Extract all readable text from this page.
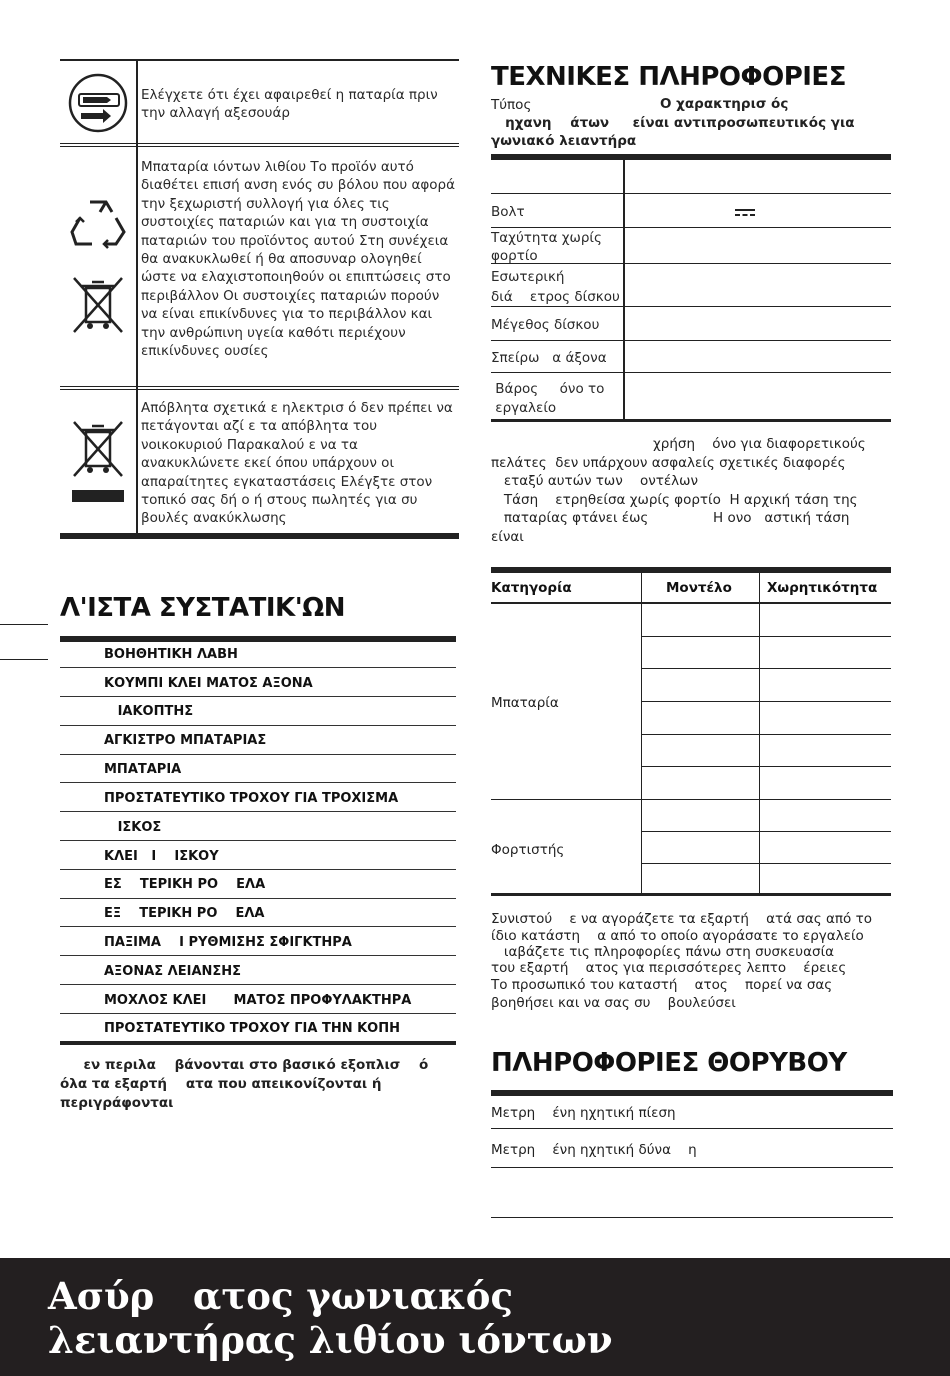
Ελέγχετε ότι έχει αφαιρεθεί η παταρία πριν την αλλαγή αξεσουάρ
Μπαταρία ιόντων λιθίου Το προϊόν αυτό διαθέτει επισή ανση ενός συ βόλου που αφορά την ξεχωριστή συλλογή για όλες τις συστοιχίες παταριών και για τη συστοιχία παταριών του προϊόντος αυτού Στη συνέχεια θα ανακυκλωθεί ή θα αποσυναρ ολογηθεί ώστε να ελαχιστοποιηθούν οι επιπτώσεις στο περιβάλλον Οι συστοιχίες παταριών πορούν να είναι επικίνδυνες για το περιβάλλον και την ανθρώπινη υγεία καθότι περιέχουν επικίνδυνες ουσίες
Απόβλητα σχετικά ε ηλεκτρισ ό δεν πρέπει να πετάγονται αζί ε τα απόβλητα του νοικοκυριού Παρακαλού ε να τα ανακυκλώνετε εκεί όπου υπάρχουν οι απαραίτητες εγκαταστάσεις Ελέγξτε στον τοπικό σας δή ο ή στους πωλητές για συ βουλές ανακύκλωσης
Λ'ΙΣΤΑ ΣΥΣΤΑΤΙΚ'ΩΝ
ΒΟΗΘΗΤΙΚΗ ΛΑΒΗ
ΚΟΥΜΠΙ ΚΛΕΙ ΜΑΤΟΣ ΑΞΟΝΑ
ΙΑΚΟΠΤΗΣ
ΑΓΚΙΣΤΡΟ ΜΠΑΤΑΡΙΑΣ
ΜΠΑΤΑΡΙΑ
ΠΡΟΣΤΑΤΕΥΤΙΚΟ ΤΡΟΧΟΥ ΓΙΑ ΤΡΟΧΙΣΜΑ
ΙΣΚΟΣ
ΚΛΕΙ   Ι    ΙΣΚΟΥ
ΕΣ    ΤΕΡΙΚΗ ΡΟ    ΕΛΑ
ΕΞ    ΤΕΡΙΚΗ ΡΟ    ΕΛΑ
ΠΑΞΙΜΑ    Ι ΡΥΘΜΙΣΗΣ ΣΦΙΓΚΤΗΡΑ
ΑΞΟΝΑΣ ΛΕΙΑΝΣΗΣ
ΜΟΧΛΟΣ ΚΛΕΙ      ΜΑΤΟΣ ΠΡΟΦΥΛΑΚΤΗΡΑ
ΠΡΟΣΤΑΤΕΥΤΙΚΟ ΤΡΟΧΟΥ ΓΙΑ ΤΗΝ ΚΟΠΗ
εν περιλα    βάνονται στο βασικό εξοπλισ    ό
όλα τα εξαρτή    ατα που απεικονίζονται ή
περιγράφονται
ΤΕΧΝΙΚΕΣ ΠΛΗΡΟΦΟΡΙΕΣ
Τύπος	Ο χαρακτηρισ ός
ηχανη    άτων     είναι αντιπροσωπευτικός για
γωνιακό λειαντήρα
Βολτ
Ταχύτητα χωρίς
φορτίο
Εσωτερική
διά    ετρος δίσκου
Μέγεθος δίσκου
Σπείρω   α άξονα
Βάρος     όνο το
εργαλείο
χρήση    όνο για διαφορετικούς
πελάτες  δεν υπάρχουν ασφαλείς σχετικές διαφορές
εταξύ αυτών των    οντέλων
Τάση    ετρηθείσα χωρίς φορτίο  Η αρχική τάση της
παταρίας φτάνει έως	Η ονο   αστική τάση
είναι
Κατηγορία	Μοντέλο	Χωρητικότητα
Μπαταρία
Φορτιστής
Συνιστού    ε να αγοράζετε τα εξαρτή    ατά σας από το
ίδιο κατάστη    α από το οποίο αγοράσατε το εργαλείο
ιαβάζετε τις πληροφορίες πάνω στη συσκευασία
του εξαρτή    ατος για περισσότερες λεπτο    έρειες
Το προσωπικό του καταστή    ατος    πορεί να σας
βοηθήσει και να σας συ    βουλεύσει
ΠΛΗΡΟΦΟΡΙΕΣ ΘΟΡΥΒΟΥ
Μετρη    ένη ηχητική πίεση
Μετρη    ένη ηχητική δύνα    η
Ασύρ   ατος γωνιακός
λειαντήρας λιθίου ιόντων
